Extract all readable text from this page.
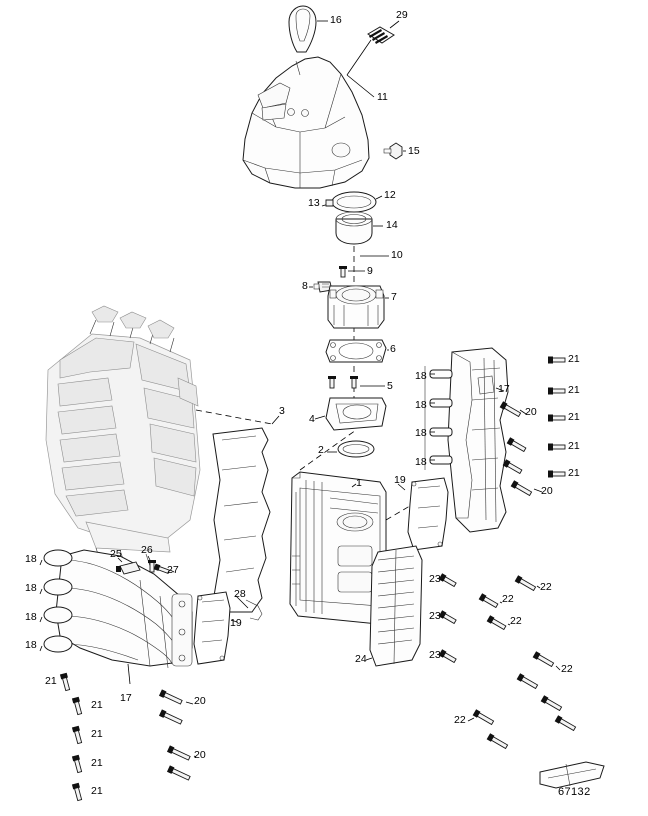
16	29
11
15
12
13
14
10
9
8
7
6
5
4
2
3
1
17
18
18
18
18
20
20
21
21
21
21
21
19
19
18
18
18
18
25 26
27
28
21
17
21
21
21
21
20
20
24
23
23
23
22
22
22
22
22
67132
